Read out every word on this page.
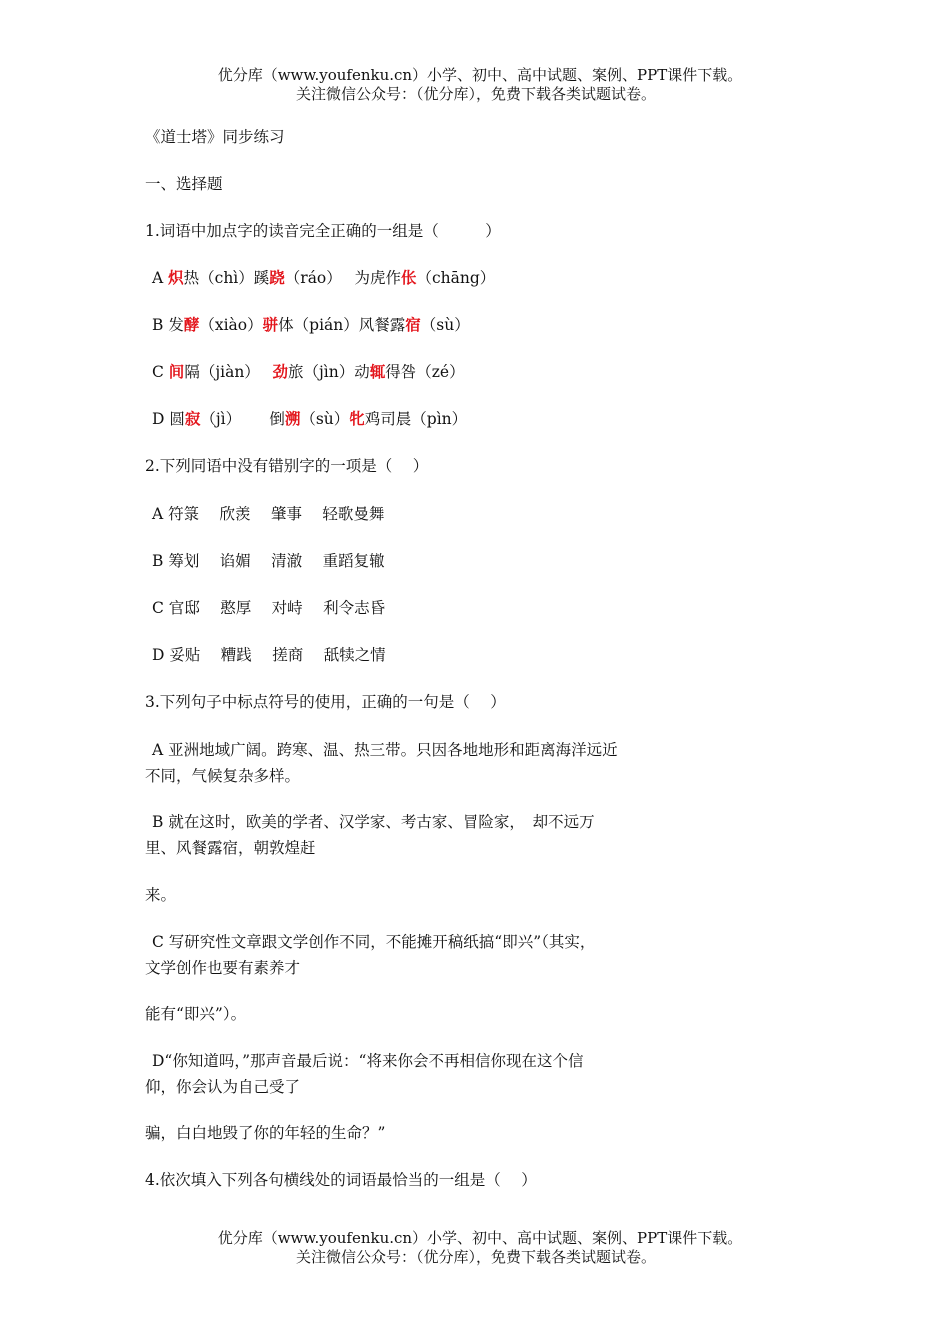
优分库（www.youfenku.cn）小学、初中、高中试题、案例、PPT课件下载。
关注微信公众号：（优分库），免费下载各类试题试卷。
《道士塔》同步练习
一、选择题
1.词语中加点字的读音完全正确的一组是（　　　）
A 炽热（chì）蹊跷（ráo）　 为虎作伥（chāng）
B 发酵（xiào）骈体（pián）风餐露宿（sù）
C 间隔（jiàn）　 劲旅（jìn）动辄得咎（zé）
D 圆寂（jì）　　 倒溯（sù）牝鸡司晨（pìn）
2.下列同语中没有错别字的一项是（　 ）
A 符箓　 欣羡　 肇事　 轻歌曼舞
B 筹划　 谄媚　 清澈　 重蹈复辙
C 官邸　 憨厚　 对峙　 利令志昏
D 妥贴　 糟践　 搓商　 舐犊之情
3.下列句子中标点符号的使用，正确的一句是（　 ）
A 亚洲地域广阔。跨寒、温、热三带。只因各地地形和距离海洋远近
不同，气候复杂多样。
B 就在这时，欧美的学者、汉学家、考古家、冒险家，　却不远万
里、风餐露宿，朝敦煌赶
来。
C 写研究性文章跟文学创作不同，不能摊开稿纸搞“即兴”（其实，
文学创作也要有素养才
能有“即兴”）。
D“你知道吗，”那声音最后说：“将来你会不再相信你现在这个信
仰，你会认为自己受了
骗，白白地毁了你的年轻的生命？”
4.依次填入下列各句横线处的词语最恰当的一组是（　 ）
优分库（www.youfenku.cn）小学、初中、高中试题、案例、PPT课件下载。
关注微信公众号：（优分库），免费下载各类试题试卷。
